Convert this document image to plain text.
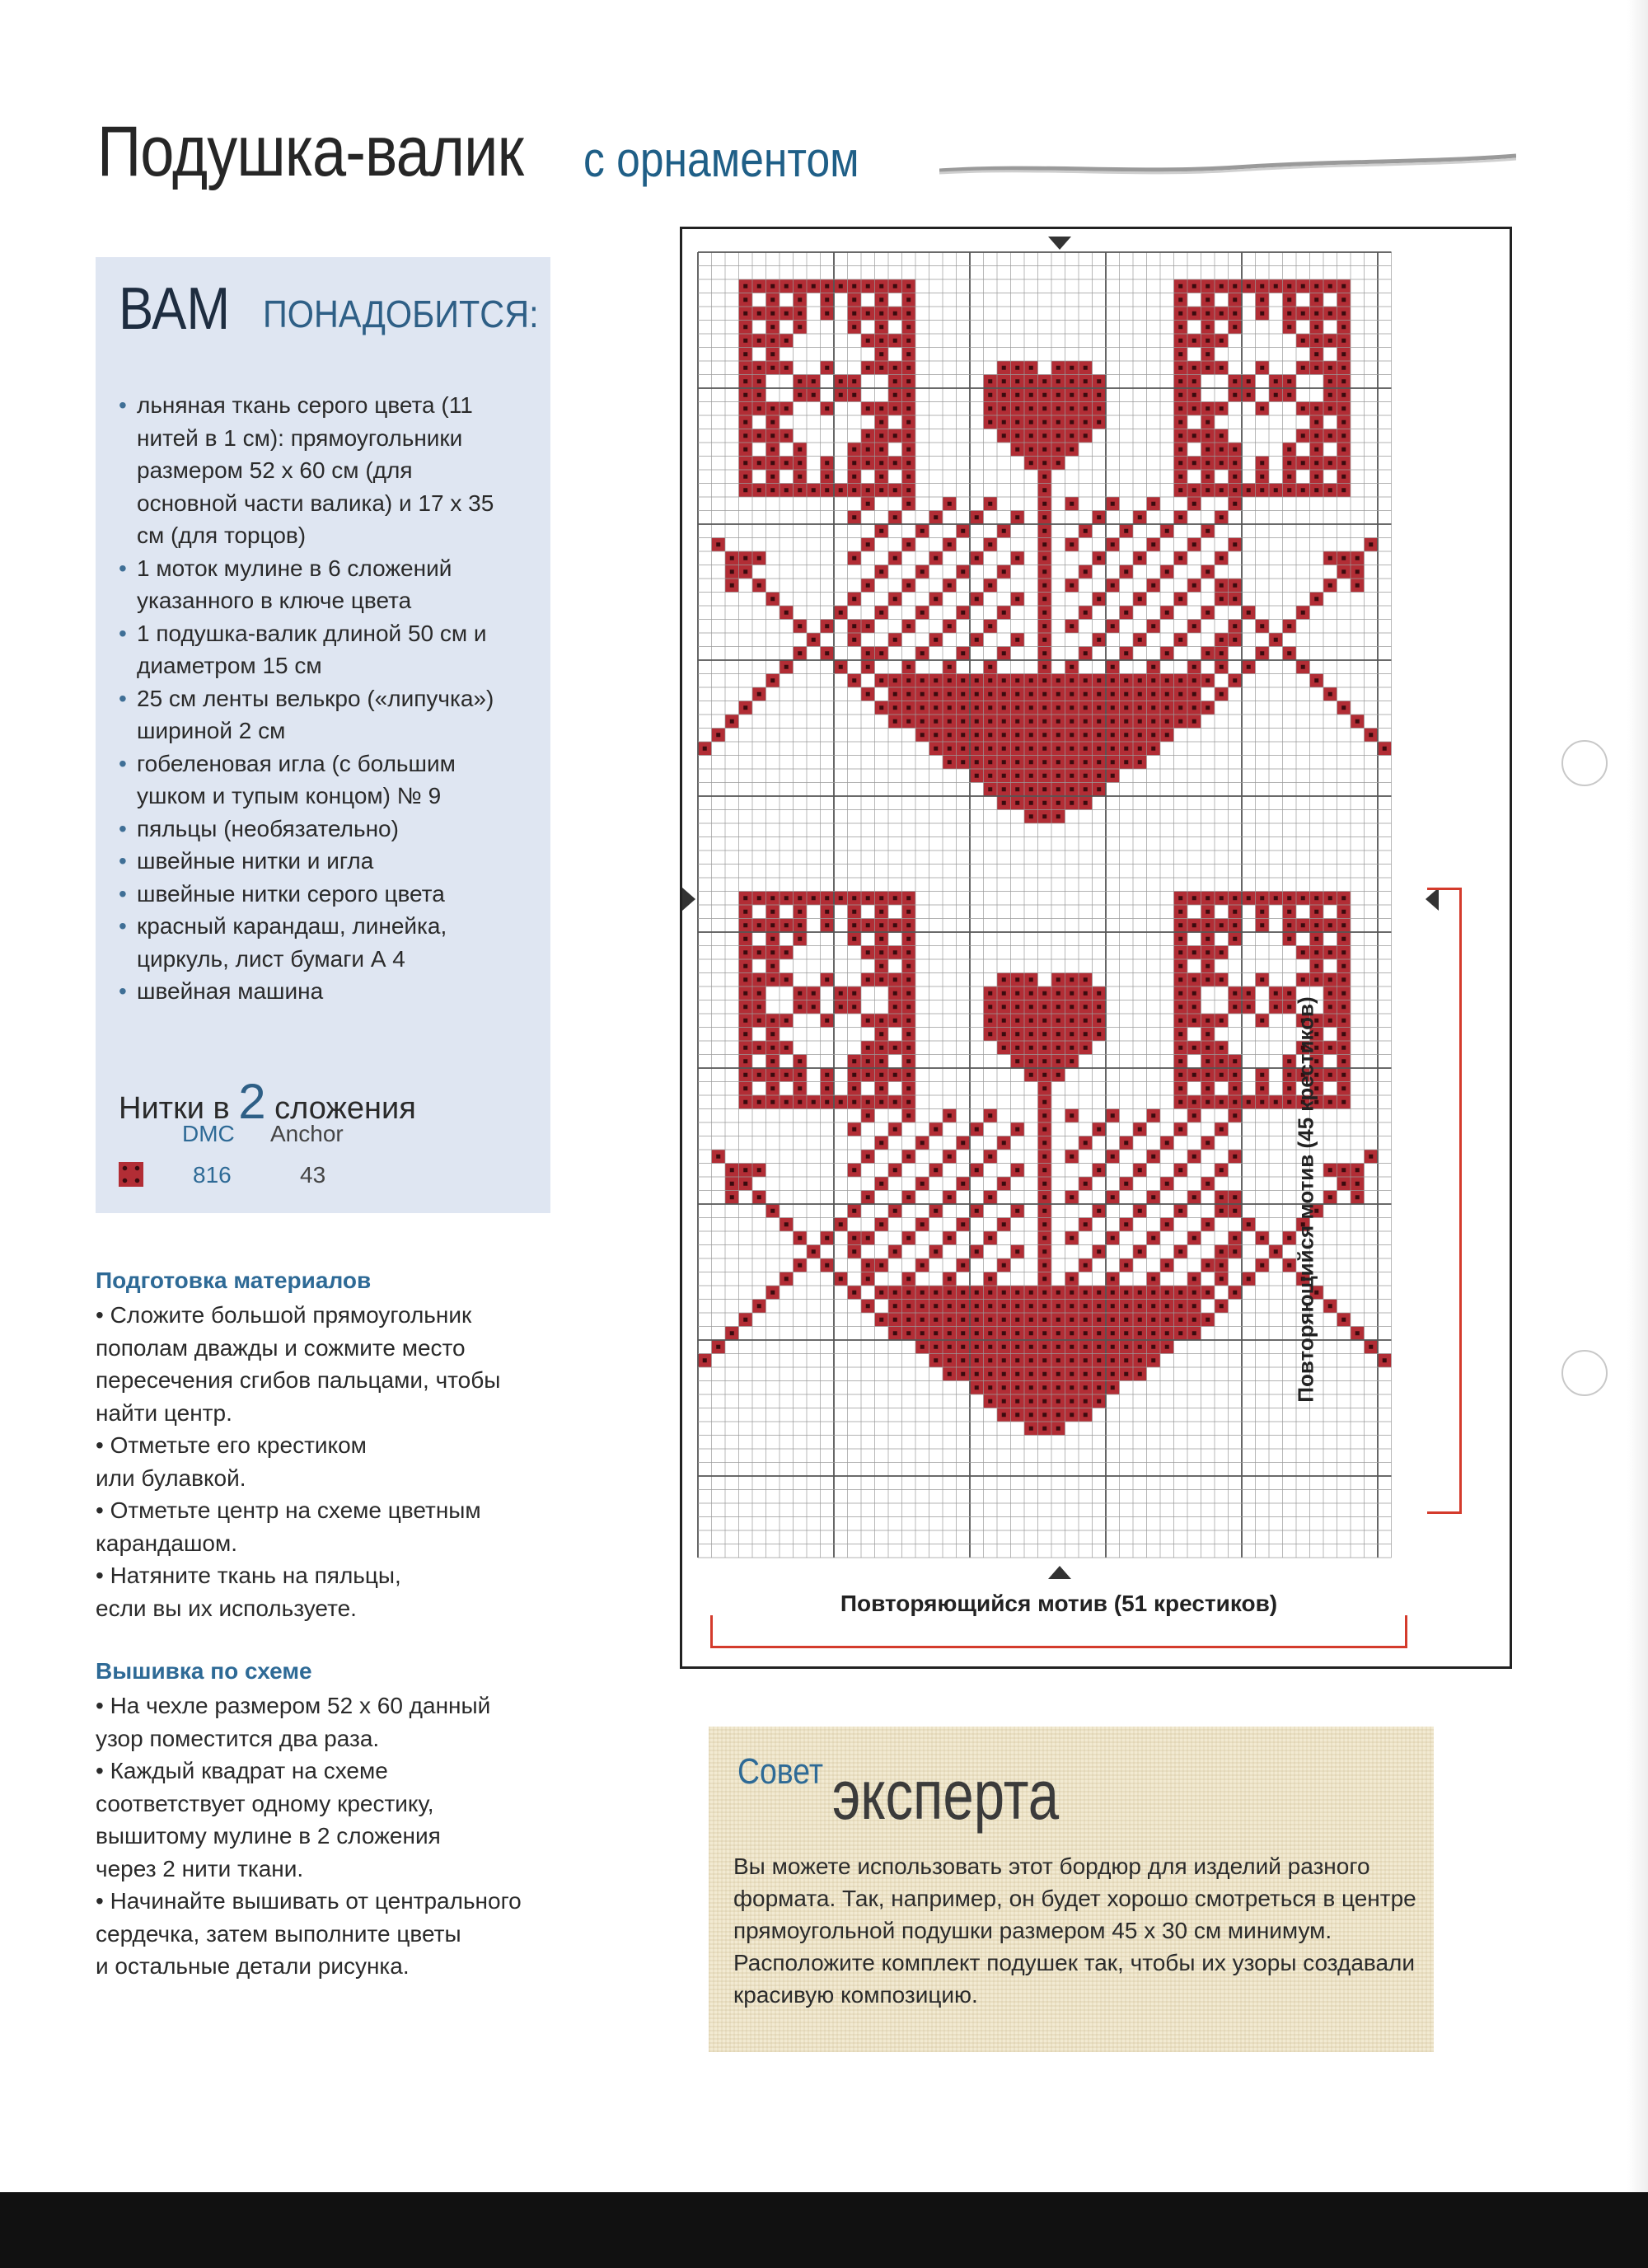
Подушка-валик с орнаментом
ВАМ ПОНАДОБИТСЯ:
• льняная ткань серого цвета (11 нитей в 1 см): прямоугольники размером 52 х 60 см (для основной части валика) и 17 х 35 см (для торцов)
• 1 моток мулине в 6 сложений указанного в ключе цвета
• 1 подушка-валик длиной 50 см и диаметром 15 см
• 25 см ленты велькро («липучка») шириной 2 см
• гобеленовая игла (с большим ушком и тупым концом) № 9
• пяльцы (необязательно)
• швейные нитки и игла
• швейные нитки серого цвета
• красный карандаш, линейка, циркуль, лист бумаги А 4
• швейная машина
Нитки в 2 сложения
DMC Anchor
816	43
Подготовка материалов

• Сложите большой прямоугольник

пополам дважды и сожмите место

пересечения сгибов пальцами, чтобы

найти центр.

• Отметьте его крестиком

или булавкой.

• Отметьте центр на схеме цветным

карандашом.

• Натяните ткань на пяльцы,

если вы их используете.

Вышивка по схеме

• На чехле размером 52 х 60 данный

узор поместится два раза.

• Каждый квадрат на схеме

соответствует одному крестику,

вышитому мулине в 2 сложения

через 2 нити ткани.

• Начинайте вышивать от центрального

сердечка, затем выполните цветы

и остальные детали рисунка.

Повторяющийся мотив (51 крестиков)
Повторяющийся мотив (45 крестиков)
Совет эксперта

Вы можете использовать этот бордюр для изделий разного формата. Так, например, он будет хорошо смотреться в центре прямоугольной подушки размером 45 х 30 см минимум. Расположите комплект подушек так, чтобы их узоры создавали красивую композицию.
